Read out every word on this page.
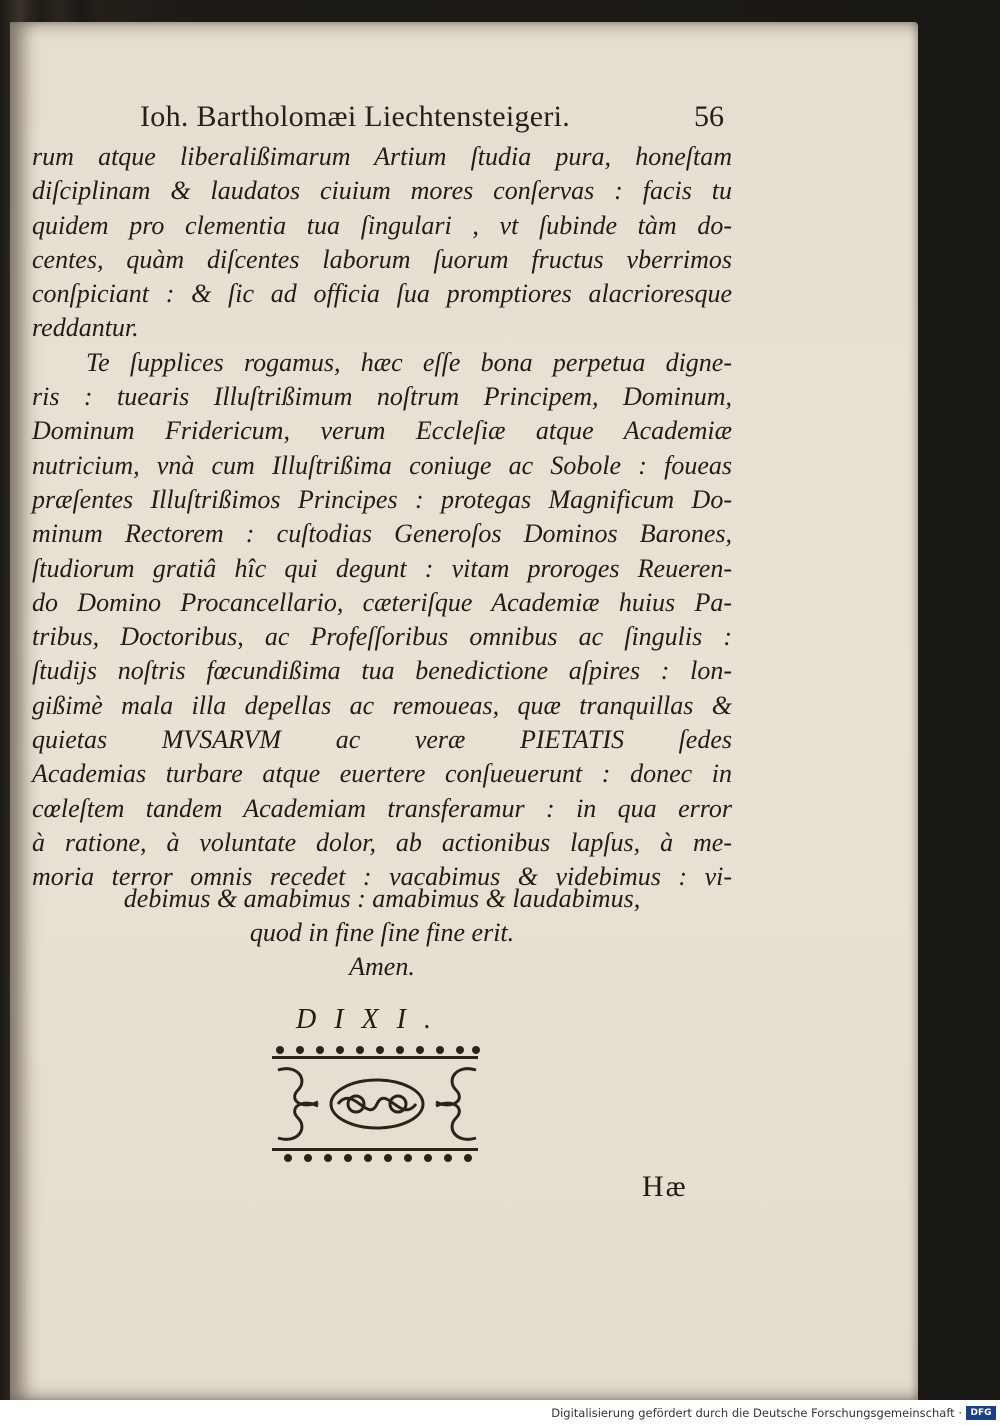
Ioh. Bartholomæi Liechtensteigeri.	56
rum atque liberalißimarum Artium ſtudia pura, honeſtam
diſciplinam & laudatos ciuium mores conſervas : facis tu
quidem pro clementia tua ſingulari , vt ſubinde tàm do-
centes, quàm diſcentes laborum ſuorum fructus vberrimos
conſpiciant : & ſic ad officia ſua promptiores alacrioresque
reddantur.
Te ſupplices rogamus, hæc eſſe bona perpetua digne-
ris : tuearis Illuſtrißimum noſtrum Principem, Dominum,
Dominum Fridericum, verum Eccleſiæ atque Academiæ
nutricium, vnà cum Illuſtrißima coniuge ac Sobole : foueas
præſentes Illuſtrißimos Principes : protegas Magnificum Do-
minum Rectorem : cuſtodias Generoſos Dominos Barones,
ſtudiorum gratiâ hîc qui degunt : vitam proroges Reueren-
do Domino Procancellario, cæteriſque Academiæ huius Pa-
tribus, Doctoribus, ac Profeſſoribus omnibus ac ſingulis :
ſtudijs noſtris fœcundißima tua benedictione aſpires : lon-
gißimè mala illa depellas ac remoueas, quæ tranquillas &
quietas MVSARVM ac veræ PIETATIS ſedes
Academias turbare atque euertere conſueuerunt : donec in
cœleſtem tandem Academiam transferamur : in qua error
à ratione, à voluntate dolor, ab actionibus lapſus, à me-
moria terror omnis recedet : vacabimus & videbimus : vi-
debimus & amabimus : amabimus & laudabimus,
quod in fine ſine fine erit.
Amen.
DIXI.
Hæ
Digitalisierung gefördert durch die Deutsche Forschungsgemeinschaft · DFG
